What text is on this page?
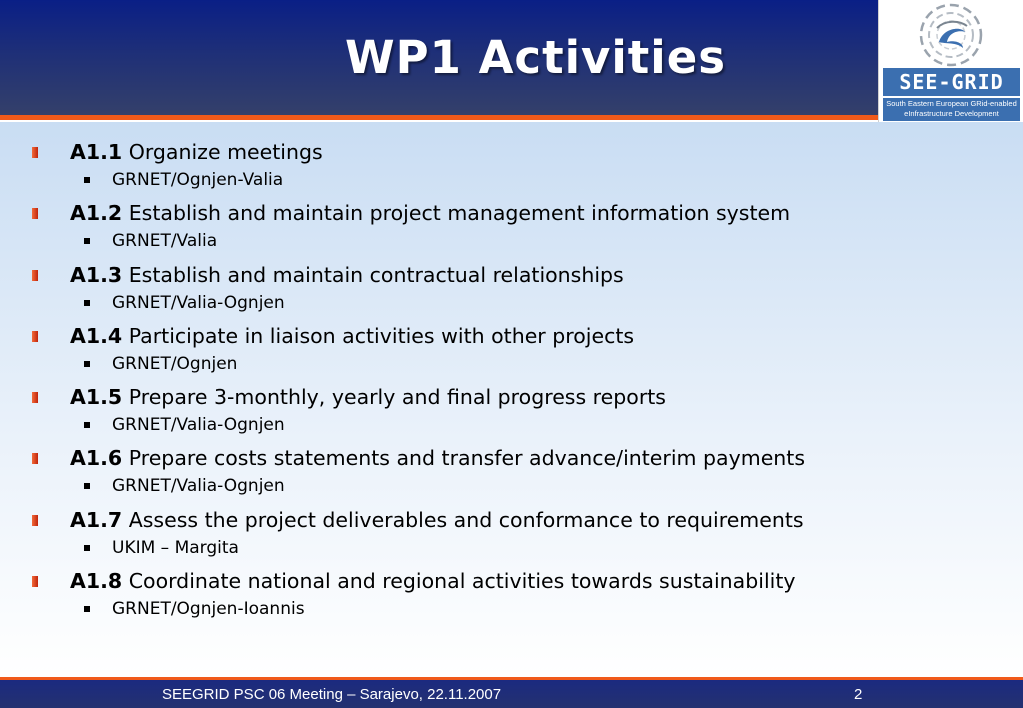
WP1 Activities	SEE-GRID
South Eastern European GRid-enabled
eInfrastructure Development
A1.1 Organize meetings
GRNET/Ognjen-Valia
A1.2 Establish and maintain project management information system
GRNET/Valia
A1.3 Establish and maintain contractual relationships
GRNET/Valia-Ognjen
A1.4 Participate in liaison activities with other projects
GRNET/Ognjen
A1.5 Prepare 3-monthly, yearly and final progress reports
GRNET/Valia-Ognjen
A1.6 Prepare costs statements and transfer advance/interim payments
GRNET/Valia-Ognjen
A1.7 Assess the project deliverables and conformance to requirements
UKIM – Margita
A1.8 Coordinate national and regional activities towards sustainability
GRNET/Ognjen-Ioannis
SEEGRID PSC 06 Meeting – Sarajevo, 22.11.2007	2
